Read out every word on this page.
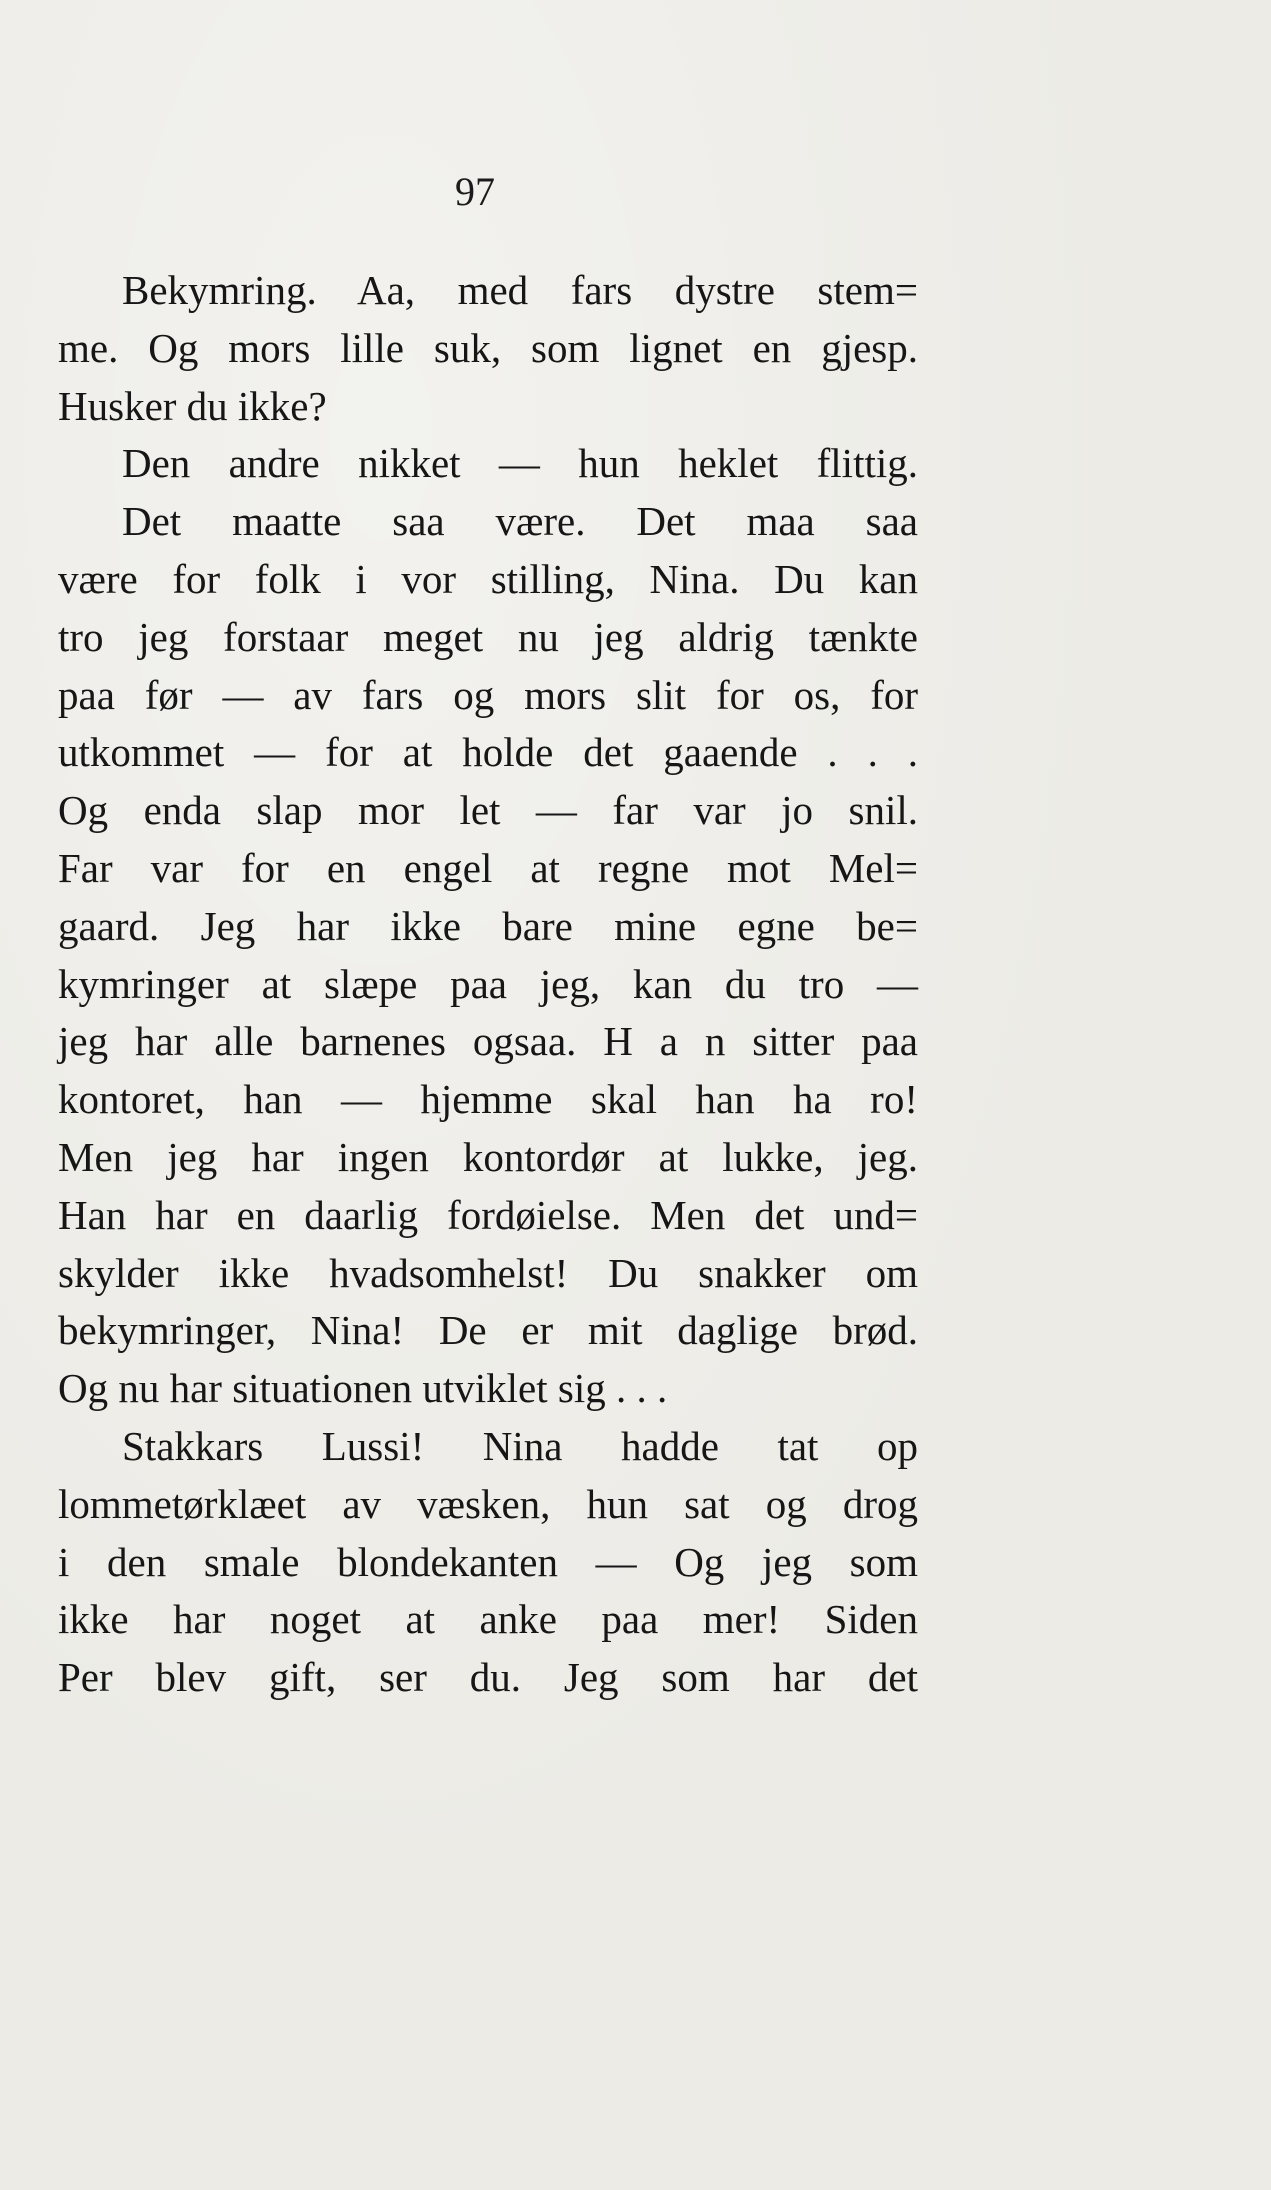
97
Bekymring. Aa, med fars dystre stem=
me. Og mors lille suk, som lignet en gjesp.
Husker du ikke?
Den andre nikket — hun heklet flittig.
Det maatte saa være. Det maa saa
være for folk i vor stilling, Nina. Du kan
tro jeg forstaar meget nu jeg aldrig tænkte
paa før — av fars og mors slit for os, for
utkommet — for at holde det gaaende . . .
Og enda slap mor let — far var jo snil.
Far var for en engel at regne mot Mel=
gaard. Jeg har ikke bare mine egne be=
kymringer at slæpe paa jeg, kan du tro —
jeg har alle barnenes ogsaa. H a n sitter paa
kontoret, han — hjemme skal han ha ro!
Men jeg har ingen kontordør at lukke, jeg.
Han har en daarlig fordøielse. Men det und=
skylder ikke hvadsomhelst! Du snakker om
bekymringer, Nina! De er mit daglige brød.
Og nu har situationen utviklet sig . . .
Stakkars Lussi! Nina hadde tat op
lommetørklæet av væsken, hun sat og drog
i den smale blondekanten — Og jeg som
ikke har noget at anke paa mer! Siden
Per blev gift, ser du. Jeg som har det
